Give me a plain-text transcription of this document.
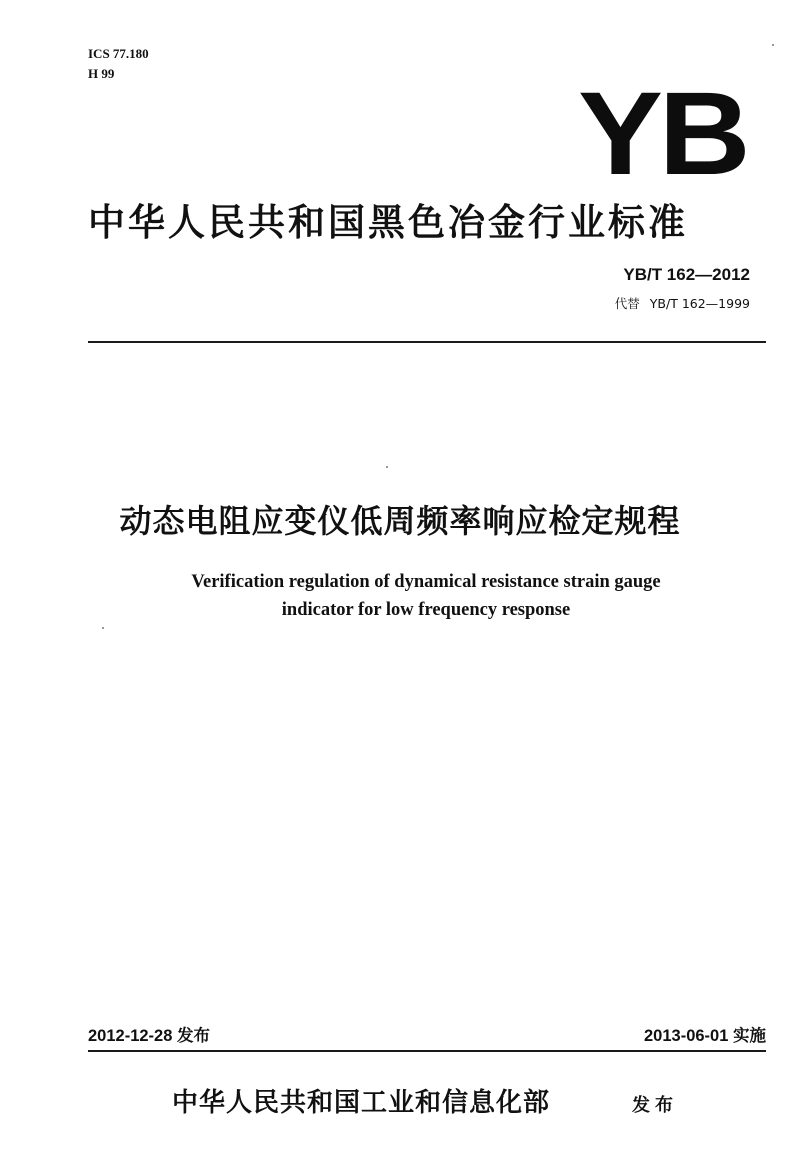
ICS 77.180
H 99	YB
中华人民共和国黑色冶金行业标准
YB/T 162—2012
代替 YB/T 162—1999
动态电阻应变仪低周频率响应检定规程
Verification regulation of dynamical resistance strain gauge
indicator for low frequency response
2012-12-28 发布	2013-06-01 实施
中华人民共和国工业和信息化部	发布
